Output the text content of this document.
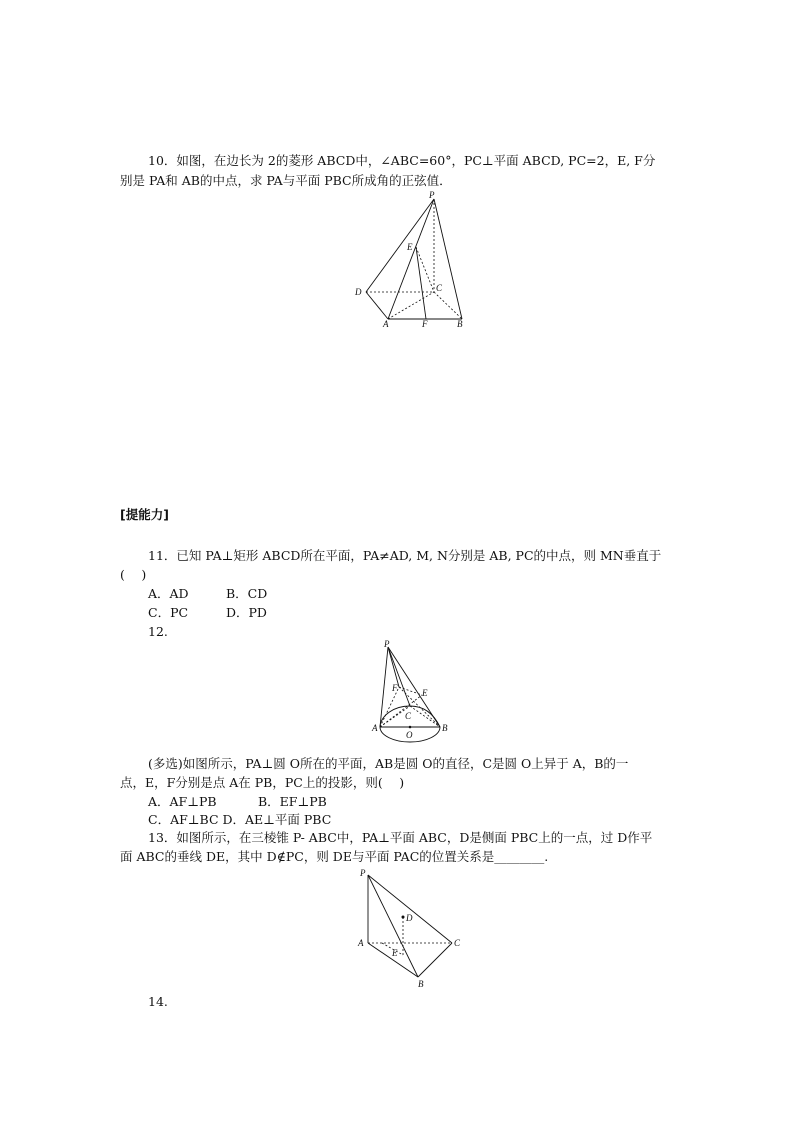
10．如图，在边长为 2的菱形 ABCD中，∠ABC=60°，PC⊥平面 ABCD, PC=2，E, F分
别是 PA和 AB的中点，求 PA与平面 PBC所成角的正弦值．
P
E
D	C
A	F	B
[提能力]
11．已知 PA⊥矩形 ABCD所在平面，PA≠AD, M, N分别是 AB, PC的中点，则 MN垂直于
(　 )
A．AD	B．CD
C．PC	D．PD
12.
P
F	E
C
A	B
O
(多选)如图所示，PA⊥圆 O所在的平面，AB是圆 O的直径，C是圆 O上异于 A，B的一
点，E，F分别是点 A在 PB，PC上的投影，则(　 )
A．AF⊥PB	B．EF⊥PB
C．AF⊥BC D．AE⊥平面 PBC
13．如图所示，在三棱锥 P- ABC中，PA⊥平面 ABC，D是侧面 PBC上的一点，过 D作平
面 ABC的垂线 DE，其中 D∉PC，则 DE与平面 PAC的位置关系是________.
P
D
A
E
C
B
14.
